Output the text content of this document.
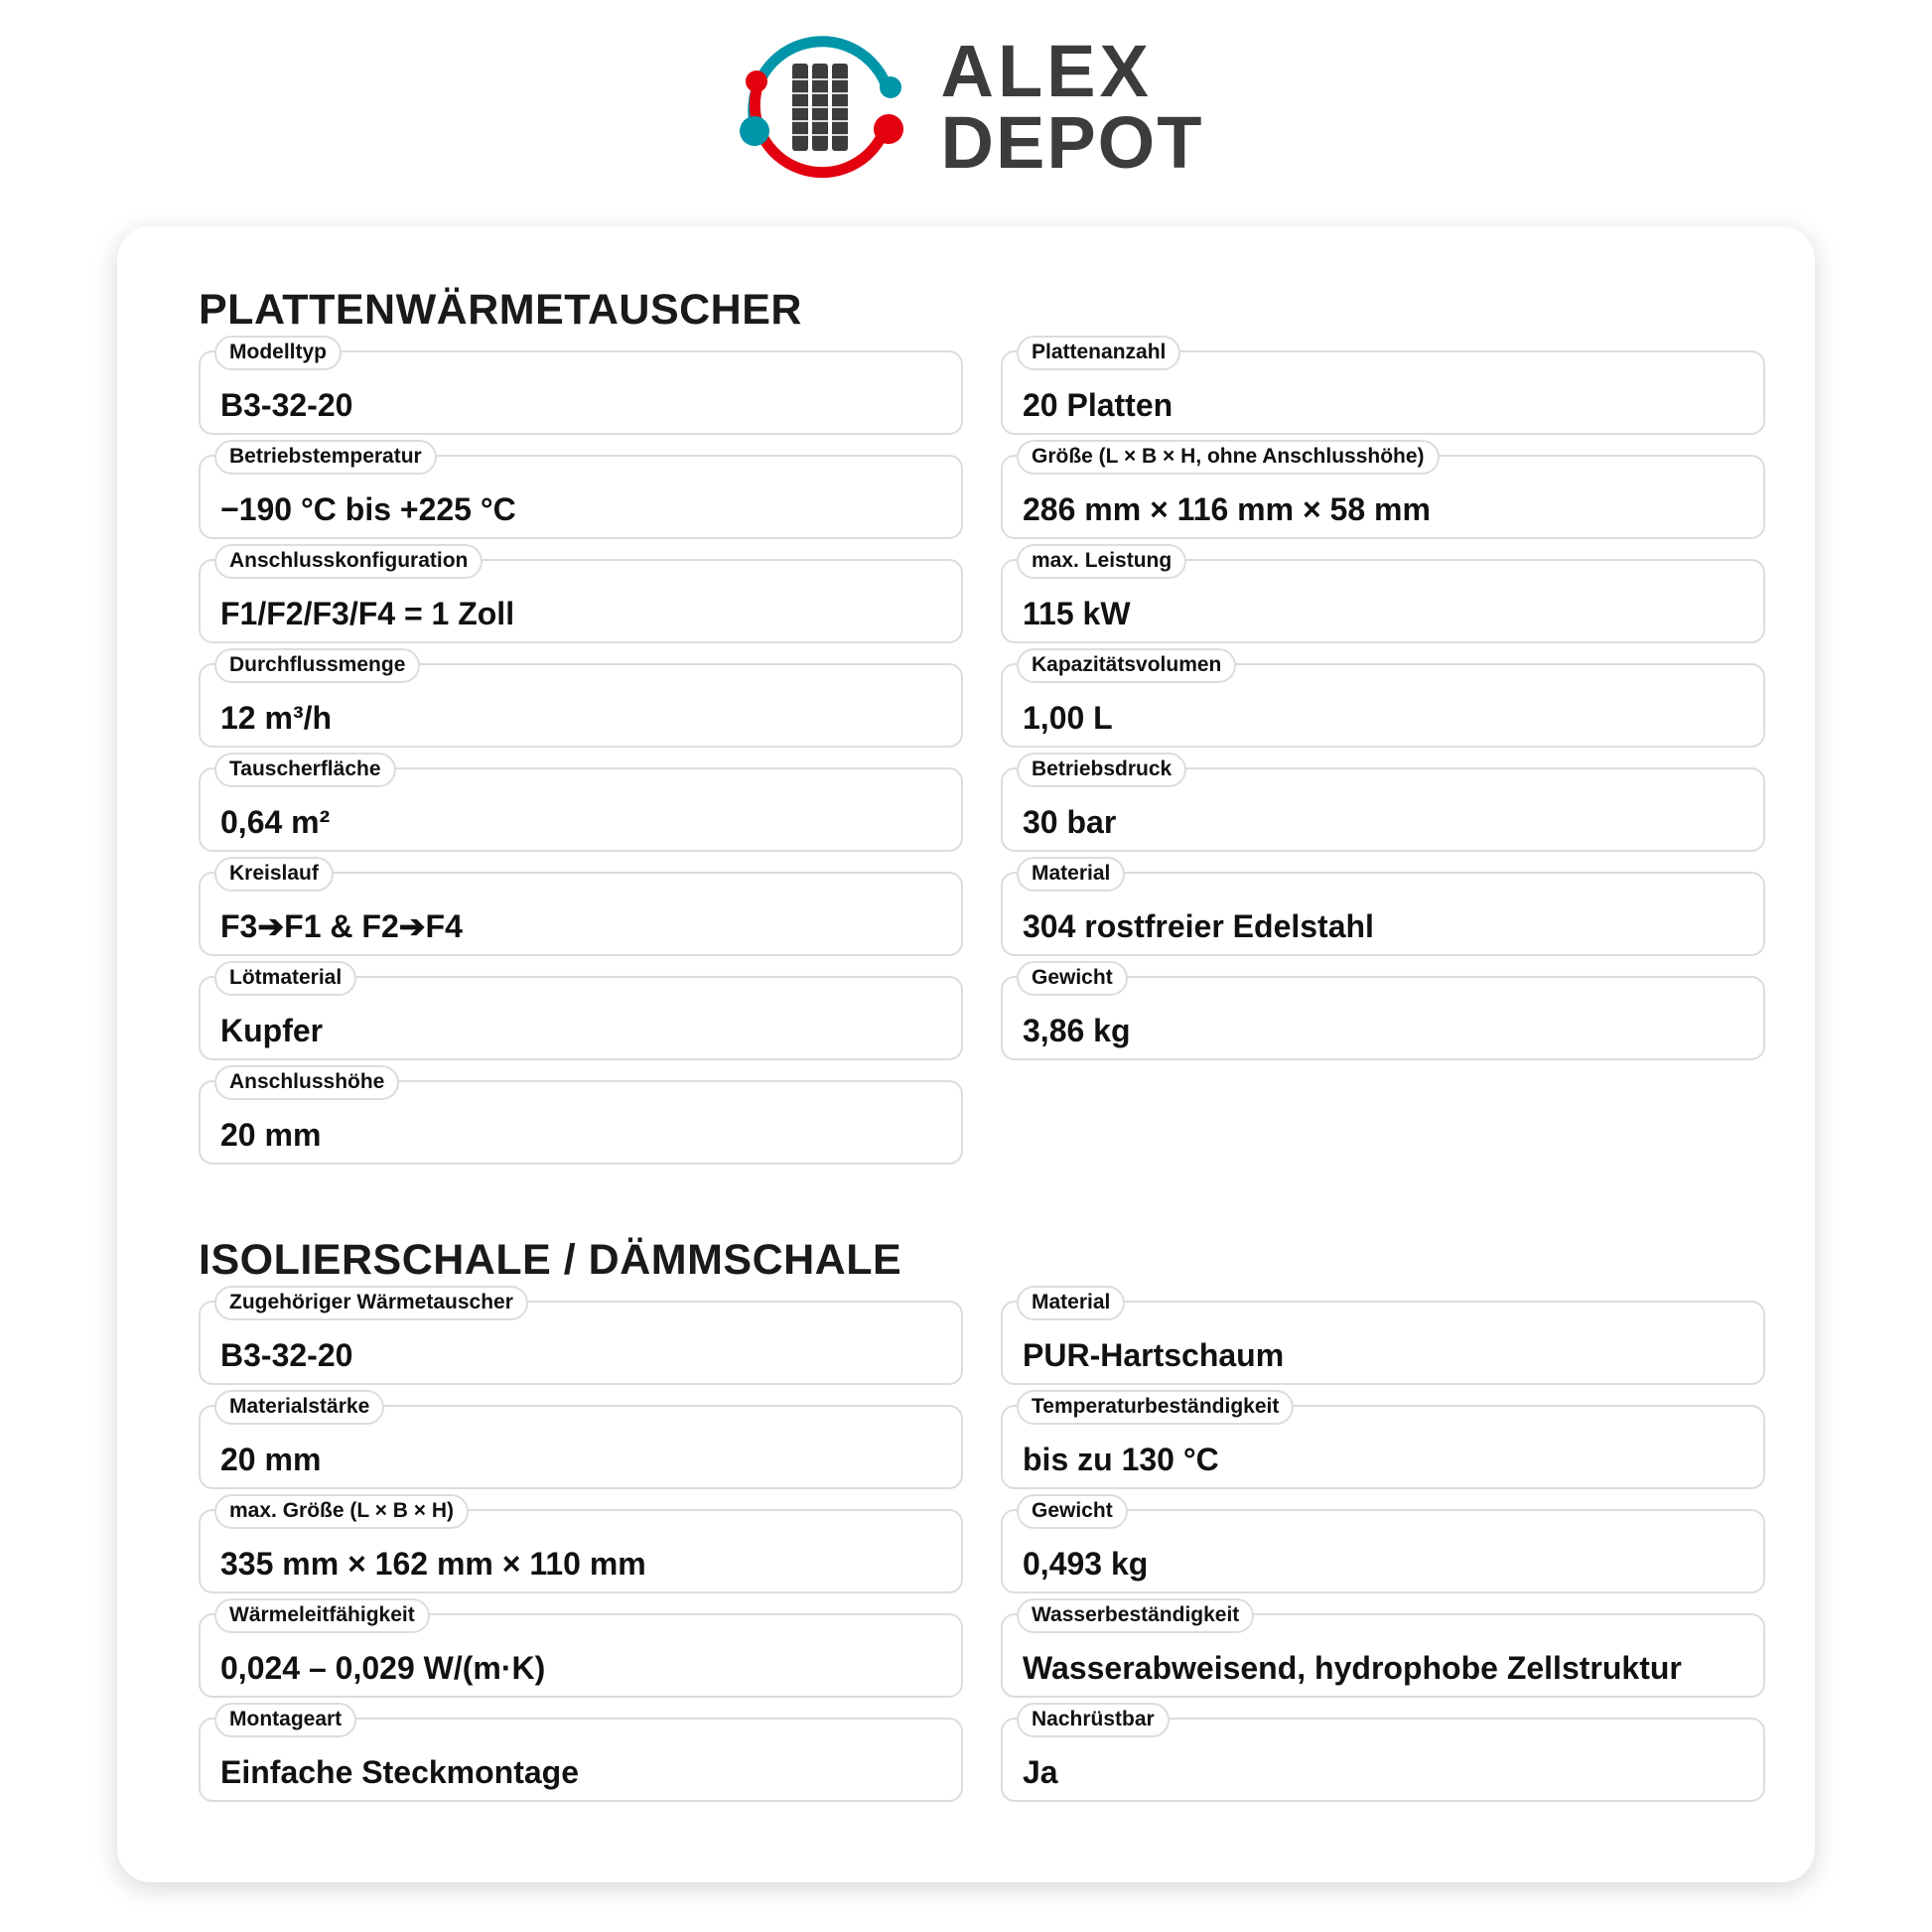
ALEX
DEPOT
PLATTENWÄRMETAUSCHER
Modelltyp
B3-32-20
Plattenanzahl
20 Platten
Betriebstemperatur
−190 °C bis +225 °C
Größe (L × B × H, ohne Anschlusshöhe)
286 mm × 116 mm × 58 mm
Anschlusskonfiguration
F1/F2/F3/F4 = 1 Zoll
max. Leistung
115 kW
Durchflussmenge
12 m³/h
Kapazitätsvolumen
1,00 L
Tauscherfläche
0,64 m²
Betriebsdruck
30 bar
Kreislauf
F3➔F1 & F2➔F4
Material
304 rostfreier Edelstahl
Lötmaterial
Kupfer
Gewicht
3,86 kg
Anschlusshöhe
20 mm
ISOLIERSCHALE / DÄMMSCHALE
Zugehöriger Wärmetauscher
B3-32-20
Material
PUR-Hartschaum
Materialstärke
20 mm
Temperaturbeständigkeit
bis zu 130 °C
max. Größe (L × B × H)
335 mm × 162 mm × 110 mm
Gewicht
0,493 kg
Wärmeleitfähigkeit
0,024 – 0,029 W/(m·K)
Wasserbeständigkeit
Wasserabweisend, hydrophobe Zellstruktur
Montageart
Einfache Steckmontage
Nachrüstbar
Ja
